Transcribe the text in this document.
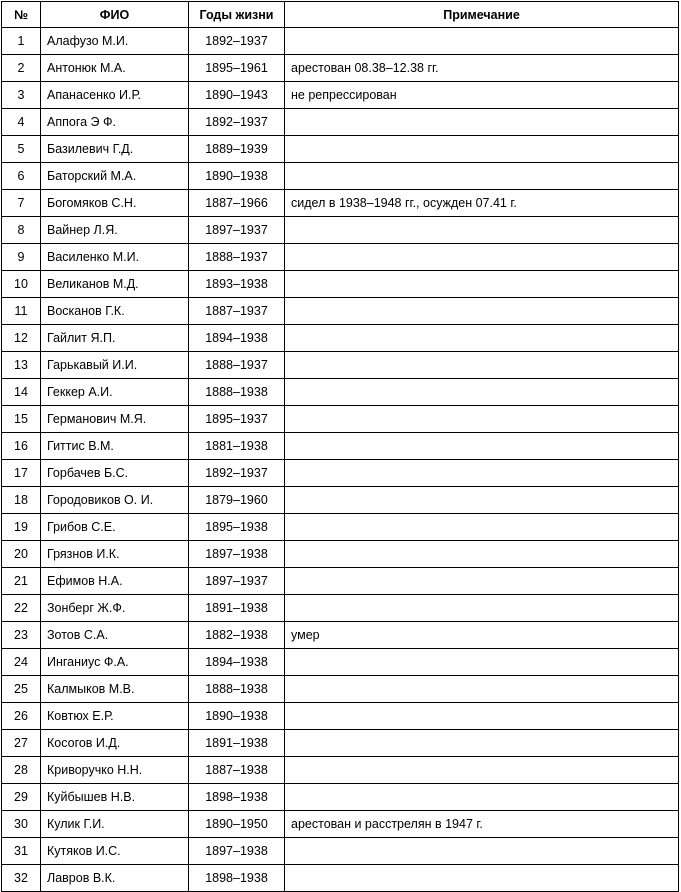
№	ФИО	Годы жизни	Примечание
1	Алафузо М.И.	1892–1937	
2	Антонюк М.А.	1895–1961	арестован 08.38–12.38 гг.
3	Апанасенко И.Р.	1890–1943	не репрессирован
4	Аппога Э Ф.	1892–1937	
5	Базилевич Г.Д.	1889–1939	
6	Баторский М.А.	1890–1938	
7	Богомяков С.Н.	1887–1966	сидел в 1938–1948 гг., осужден 07.41 г.
8	Вайнер Л.Я.	1897–1937	
9	Василенко М.И.	1888–1937	
10	Великанов М.Д.	1893–1938	
11	Восканов Г.К.	1887–1937	
12	Гайлит Я.П.	1894–1938	
13	Гарькавый И.И.	1888–1937	
14	Геккер А.И.	1888–1938	
15	Германович М.Я.	1895–1937	
16	Гиттис В.М.	1881–1938	
17	Горбачев Б.С.	1892–1937	
18	Городовиков О. И.	1879–1960	
19	Грибов С.Е.	1895–1938	
20	Грязнов И.К.	1897–1938	
21	Ефимов Н.А.	1897–1937	
22	Зонберг Ж.Ф.	1891–1938	
23	Зотов С.А.	1882–1938	умер
24	Инганиус Ф.А.	1894–1938	
25	Калмыков М.В.	1888–1938	
26	Ковтюх Е.Р.	1890–1938	
27	Косогов И.Д.	1891–1938	
28	Криворучко Н.Н.	1887–1938	
29	Куйбышев Н.В.	1898–1938	
30	Кулик Г.И.	1890–1950	арестован и расстрелян в 1947 г.
31	Кутяков И.С.	1897–1938	
32	Лавров В.К.	1898–1938	
